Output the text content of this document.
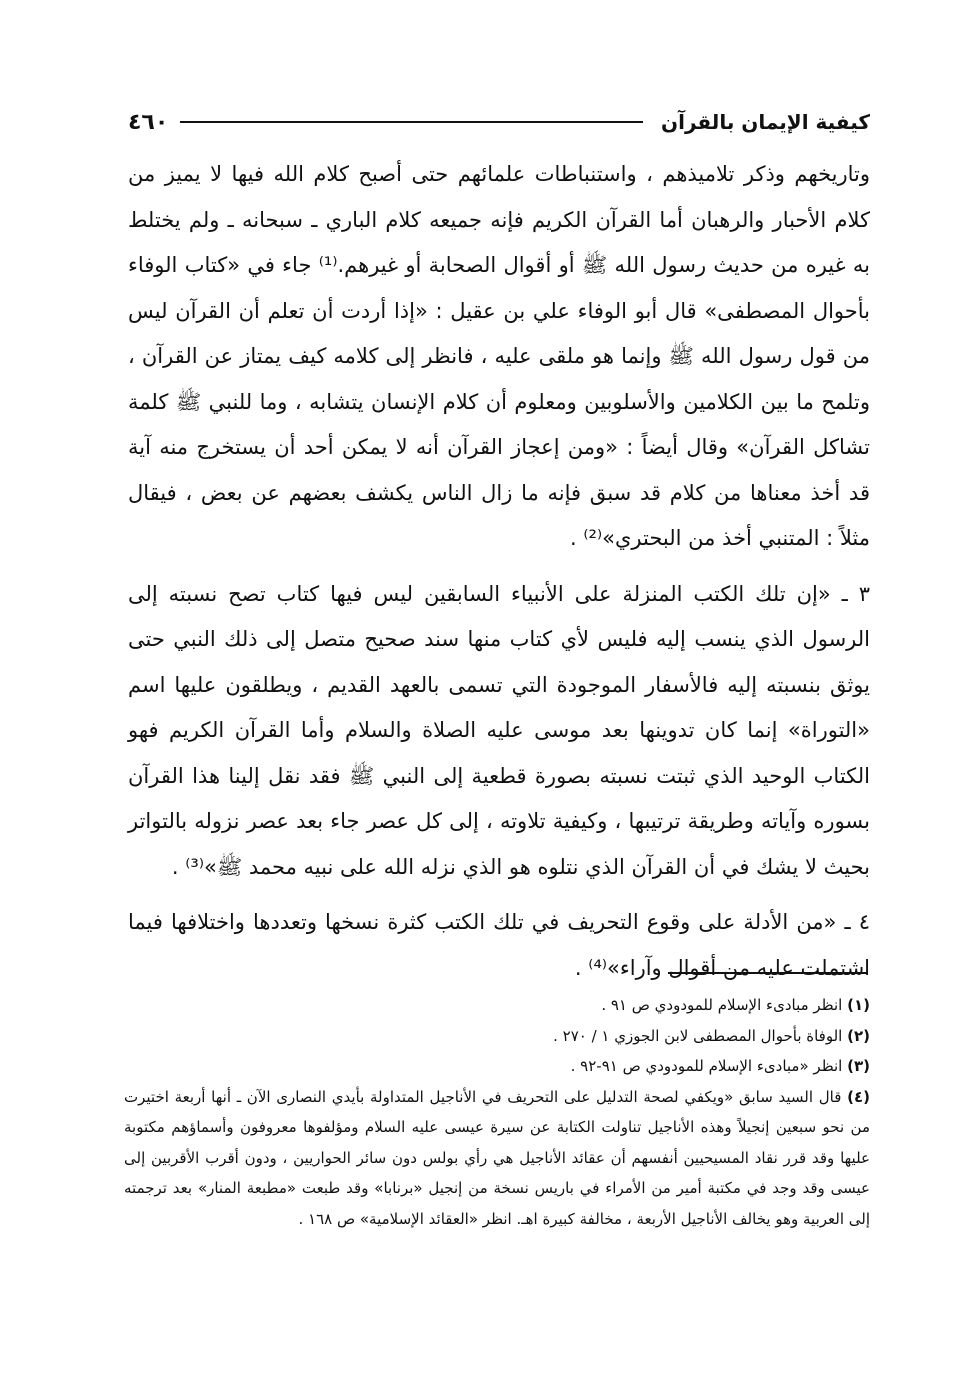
كيفية الإيمان بالقرآن
٤٦٠

وتاريخهم وذكر تلاميذهم ، واستنباطات علمائهم حتى أصبح كلام الله فيها لا يميز من كلام الأحبار والرهبان أما القرآن الكريم فإنه جميعه كلام الباري ـ سبحانه ـ ولم يختلط به غيره من حديث رسول الله ﷺ أو أقوال الصحابة أو غيرهم.⁽¹⁾ جاء في «كتاب الوفاء بأحوال المصطفى» قال أبو الوفاء علي بن عقيل : «إذا أردت أن تعلم أن القرآن ليس من قول رسول الله ﷺ وإنما هو ملقى عليه ، فانظر إلى كلامه كيف يمتاز عن القرآن ، وتلمح ما بين الكلامين والأسلوبين ومعلوم أن كلام الإنسان يتشابه ، وما للنبي ﷺ كلمة تشاكل القرآن» وقال أيضاً : «ومن إعجاز القرآن أنه لا يمكن أحد أن يستخرج منه آية قد أخذ معناها من كلام قد سبق فإنه ما زال الناس يكشف بعضهم عن بعض ، فيقال مثلاً : المتنبي أخذ من البحتري»⁽²⁾ .

٣ ـ «إن تلك الكتب المنزلة على الأنبياء السابقين ليس فيها كتاب تصح نسبته إلى الرسول الذي ينسب إليه فليس لأي كتاب منها سند صحيح متصل إلى ذلك النبي حتى يوثق بنسبته إليه فالأسفار الموجودة التي تسمى بالعهد القديم ، ويطلقون عليها اسم «التوراة» إنما كان تدوينها بعد موسى عليه الصلاة والسلام وأما القرآن الكريم فهو الكتاب الوحيد الذي ثبتت نسبته بصورة قطعية إلى النبي ﷺ فقد نقل إلينا هذا القرآن بسوره وآياته وطريقة ترتيبها ، وكيفية تلاوته ، إلى كل عصر جاء بعد عصر نزوله بالتواتر بحيث لا يشك في أن القرآن الذي نتلوه هو الذي نزله الله على نبيه محمد ﷺ»⁽³⁾ .

٤ ـ «من الأدلة على وقوع التحريف في تلك الكتب كثرة نسخها وتعددها واختلافها فيما اشتملت عليه من أقوال وآراء»⁽⁴⁾ .

(١) انظر مبادىء الإسلام للمودودي ص ٩١ .

(٢) الوفاة بأحوال المصطفى لابن الجوزي ١ / ٢٧٠ .

(٣) انظر «مبادىء الإسلام للمودودي ص ٩١-٩٢ .

(٤) قال السيد سابق «ويكفي لصحة التدليل على التحريف في الأناجيل المتداولة بأيدي النصارى الآن ـ أنها أربعة اختيرت من نحو سبعين إنجيلاً وهذه الأناجيل تناولت الكتابة عن سيرة عيسى عليه السلام ومؤلفوها معروفون وأسماؤهم مكتوبة عليها وقد قرر نقاد المسيحيين أنفسهم أن عقائد الأناجيل هي رأي بولس دون سائر الحواريين ، ودون أقرب الأقربين إلى عيسى وقد وجد في مكتبة أمير من الأمراء في باريس نسخة من إنجيل «برنابا» وقد طبعت «مطبعة المنار» بعد ترجمته إلى العربية وهو يخالف الأناجيل الأربعة ، مخالفة كبيرة اهـ. انظر «العقائد الإسلامية» ص ١٦٨ .
